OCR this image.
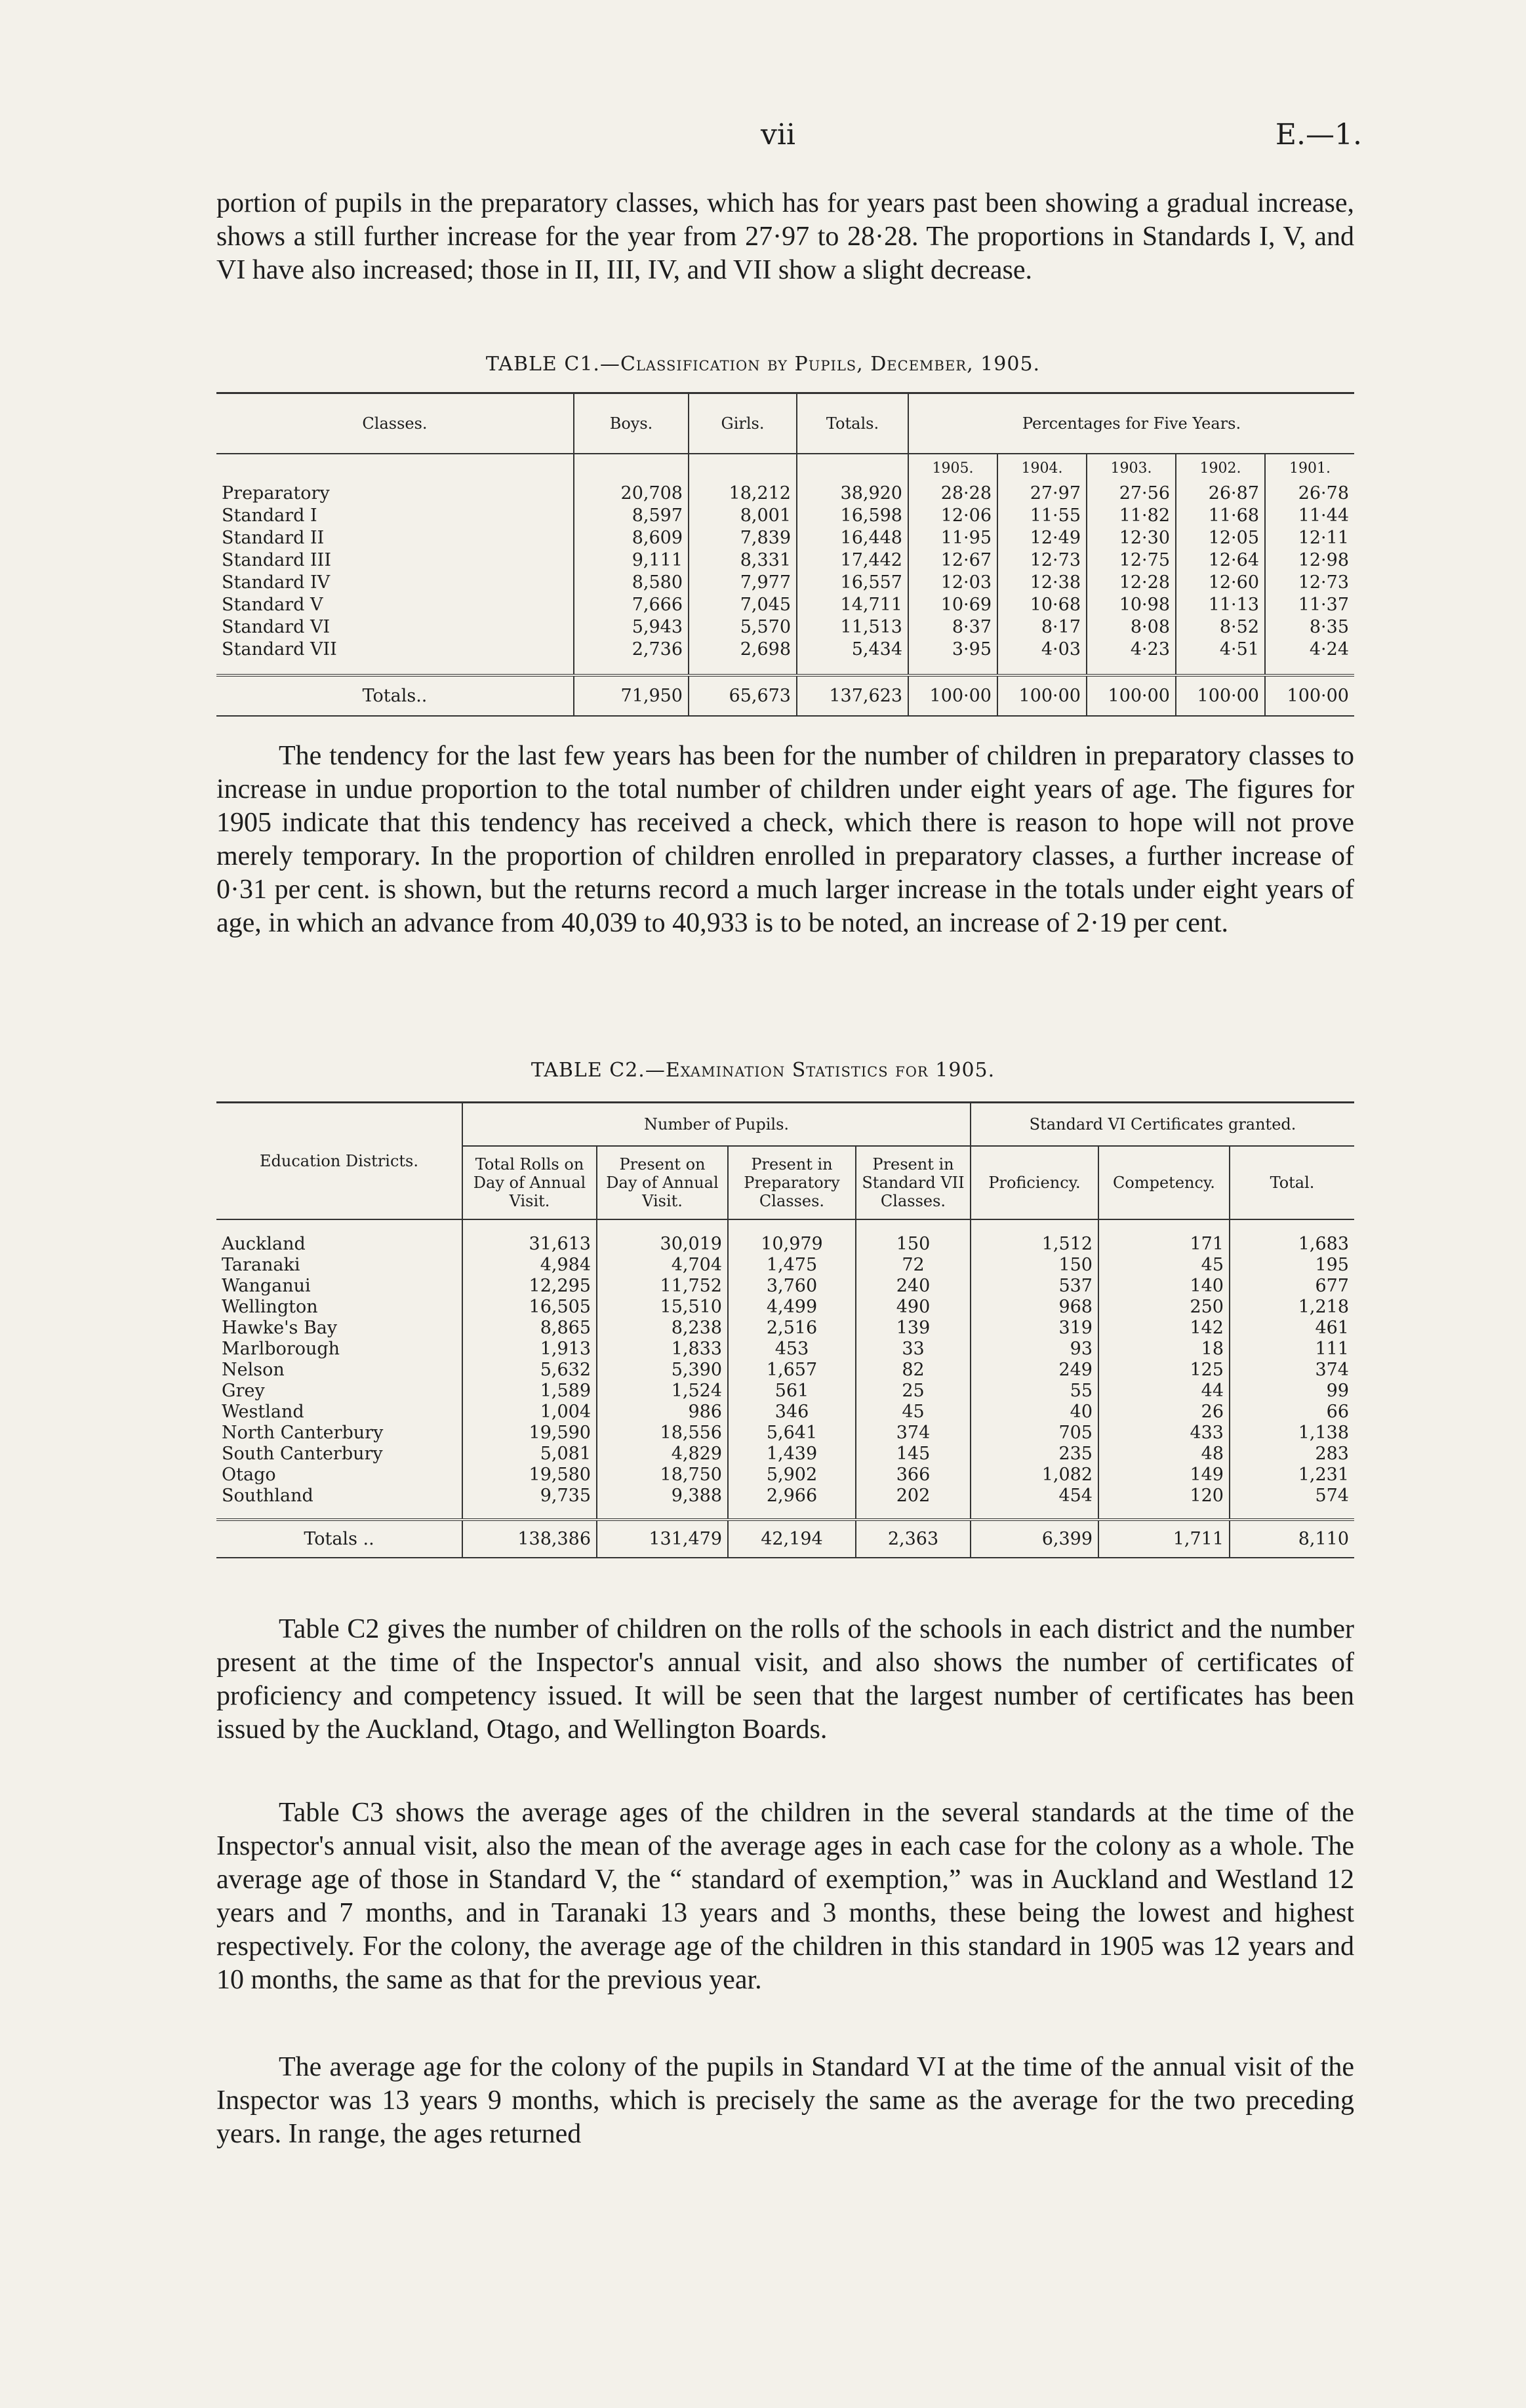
vii	E.—1.

portion of pupils in the preparatory classes, which has for years past been showing a gradual increase, shows a still further increase for the year from 27·97 to 28·28. The proportions in Standards I, V, and VI have also increased; those in II, III, IV, and VII show a slight decrease.

TABLE C1.—Classification by Pupils, December, 1905.
Classes.	Boys.	Girls.	Totals.	Percentages for Five Years.				
				1905.	1904.	1903.	1902.	1901.
Preparatory	20,708	18,212	38,920	28·28	27·97	27·56	26·87	26·78
Standard I	8,597	8,001	16,598	12·06	11·55	11·82	11·68	11·44
Standard II	8,609	7,839	16,448	11·95	12·49	12·30	12·05	12·11
Standard III	9,111	8,331	17,442	12·67	12·73	12·75	12·64	12·98
Standard IV	8,580	7,977	16,557	12·03	12·38	12·28	12·60	12·73
Standard V	7,666	7,045	14,711	10·69	10·68	10·98	11·13	11·37
Standard VI	5,943	5,570	11,513	8·37	8·17	8·08	8·52	8·35
Standard VII	2,736	2,698	5,434	3·95	4·03	4·23	4·51	4·24

Totals..	71,950	65,673	137,623	100·00	100·00	100·00	100·00	100·00

The tendency for the last few years has been for the number of children in preparatory classes to increase in undue proportion to the total number of children under eight years of age. The figures for 1905 indicate that this tendency has received a check, which there is reason to hope will not prove merely temporary. In the proportion of children enrolled in preparatory classes, a further increase of 0·31 per cent. is shown, but the returns record a much larger increase in the totals under eight years of age, in which an advance from 40,039 to 40,933 is to be noted, an increase of 2·19 per cent.

TABLE C2.—Examination Statistics for 1905.
Education Districts.	Number of Pupils.				Standard VI Certificates granted.		
	Total Rolls on Day of Annual Visit.	Present on Day of Annual Visit.	Present in Preparatory Classes.	Present in Standard VII Classes.	Proficiency.	Competency.	Total.

Auckland	31,613	30,019	10,979	150	1,512	171	1,683
Taranaki	4,984	4,704	1,475	72	150	45	195
Wanganui	12,295	11,752	3,760	240	537	140	677
Wellington	16,505	15,510	4,499	490	968	250	1,218
Hawke's Bay	8,865	8,238	2,516	139	319	142	461
Marlborough	1,913	1,833	453	33	93	18	111
Nelson	5,632	5,390	1,657	82	249	125	374
Grey	1,589	1,524	561	25	55	44	99
Westland	1,004	986	346	45	40	26	66
North Canterbury	19,590	18,556	5,641	374	705	433	1,138
South Canterbury	5,081	4,829	1,439	145	235	48	283
Otago	19,580	18,750	5,902	366	1,082	149	1,231
Southland	9,735	9,388	2,966	202	454	120	574

Totals ..	138,386	131,479	42,194	2,363	6,399	1,711	8,110

Table C2 gives the number of children on the rolls of the schools in each district and the number present at the time of the Inspector's annual visit, and also shows the number of certificates of proficiency and competency issued. It will be seen that the largest number of certificates has been issued by the Auckland, Otago, and Wellington Boards.

Table C3 shows the average ages of the children in the several standards at the time of the Inspector's annual visit, also the mean of the average ages in each case for the colony as a whole. The average age of those in Standard V, the “ standard of exemption,” was in Auckland and Westland 12 years and 7 months, and in Taranaki 13 years and 3 months, these being the lowest and highest respectively. For the colony, the average age of the children in this standard in 1905 was 12 years and 10 months, the same as that for the previous year.

The average age for the colony of the pupils in Standard VI at the time of the annual visit of the Inspector was 13 years 9 months, which is precisely the same as the average for the two preceding years. In range, the ages returned
